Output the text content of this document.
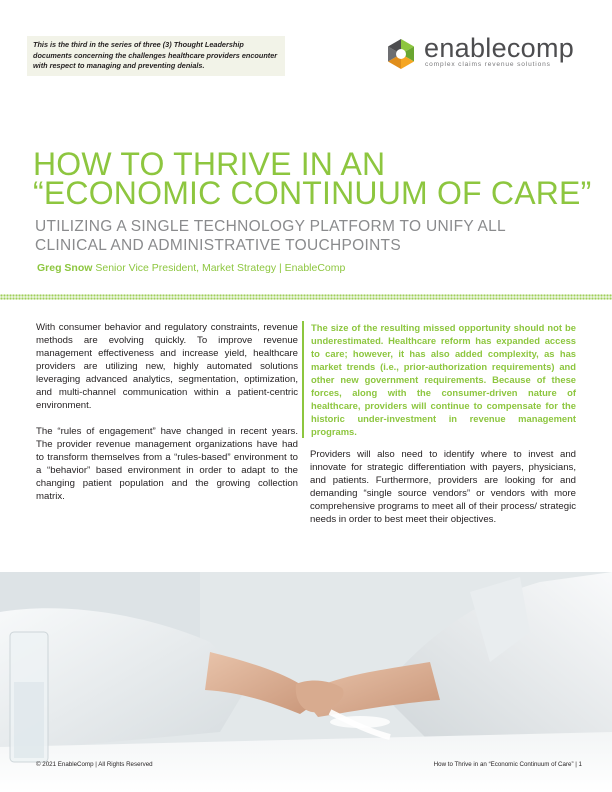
This is the third in the series of three (3) Thought Leadership documents concerning the challenges healthcare providers encounter with respect to managing and preventing denials.

enablecomp
complex claims revenue solutions
HOW TO THRIVE IN AN
“ECONOMIC CONTINUUM OF CARE”
UTILIZING A SINGLE TECHNOLOGY PLATFORM TO UNIFY ALL
CLINICAL AND ADMINISTRATIVE TOUCHPOINTS
Greg Snow Senior Vice President, Market Strategy | EnableComp

With consumer behavior and regulatory constraints, revenue methods are evolving quickly. To improve revenue management effectiveness and increase yield, healthcare providers are utilizing new, highly automated solutions leveraging advanced analytics, segmentation, optimization, and multi-channel communication within a patient-centric environment.

The “rules of engagement” have changed in recent years. The provider revenue management organizations have had to transform themselves from a “rules-based” environment to a “behavior” based environment in order to adapt to the changing patient population and the growing collection matrix.

The size of the resulting missed opportunity should not be underestimated. Healthcare reform has expanded access to care; however, it has also added complexity, as has market trends (i.e., prior-authorization requirements) and other new government requirements. Because of these forces, along with the consumer-driven nature of healthcare, providers will continue to compensate for the historic under-investment in revenue management programs.

Providers will also need to identify where to invest and innovate for strategic differentiation with payers, physicians, and patients. Furthermore, providers are looking for and demanding “single source vendors” or vendors with more comprehensive programs to meet all of their process/ strategic needs in order to best meet their objectives.

© 2021 EnableComp | All Rights Reserved	How to Thrive in an “Economic Continuum of Care” | 1
